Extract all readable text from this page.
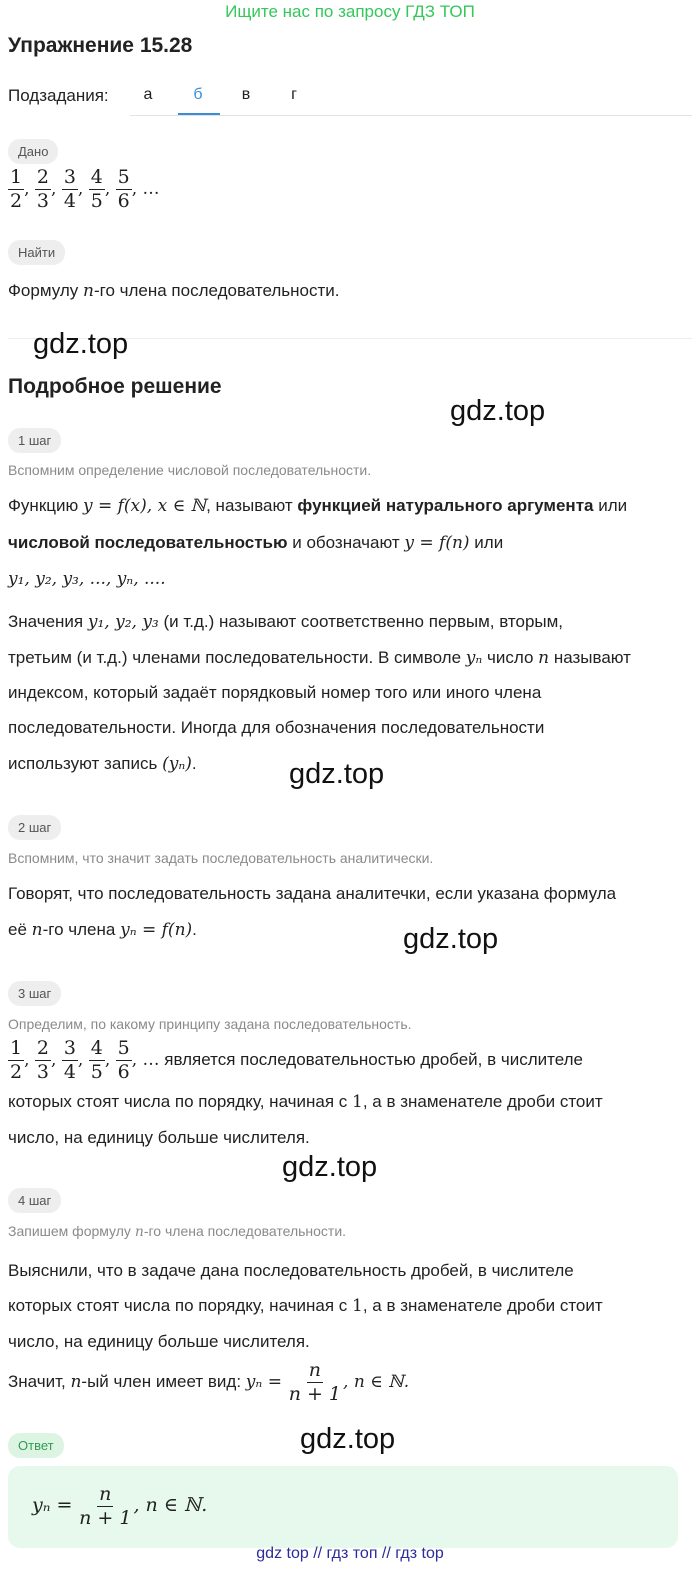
Ищите нас по запросу ГДЗ ТОП
Упражнение 15.28
Подзадания:	а	б	в	г
Дано
$\frac{1}{2}$ , $\frac{2}{3}$ , $\frac{3}{4}$ , $\frac{4}{5}$ , $\frac{5}{6}$ , …
Найти
Формулу n-го члена последовательности.
gdz.top
Подробное решение
gdz.top
1 шаг
Вспомним определение числовой последовательности.
Функцию y = f(x), x ∈ ℕ, называют функцией натурального аргумента или
числовой последовательностью и обозначают y = f(n) или
y₁, y₂, y₃, ..., yₙ, ....
Значения y₁, y₂, y₃ (и т.д.) называют соответственно первым, вторым,
третьим (и т.д.) членами последовательности. В символе yₙ число n называют
индексом, который задаёт порядковый номер того или иного члена
последовательности. Иногда для обозначения последовательности
используют запись (yₙ).	gdz.top
2 шаг
Вспомним, что значит задать последовательность аналитически.
Говорят, что последовательность задана аналитечки, если указана формула
её n-го члена yₙ = f(n).	gdz.top
3 шаг
Определим, по какому принципу задана последовательность.
$\frac{1}{2}$ , $\frac{2}{3}$ , $\frac{3}{4}$ , $\frac{4}{5}$ , $\frac{5}{6}$ , … является последовательностью дробей, в числителе
которых стоят числа по порядку, начиная с 1, а в знаменателе дроби стоит
число, на единицу больше числителя.
gdz.top
4 шаг
Запишем формулу n-го члена последовательности.
Выяснили, что в задаче дана последовательность дробей, в числителе
которых стоят числа по порядку, начиная с 1, а в знаменателе дроби стоит
число, на единицу больше числителя.
Значит, n-ый член имеет вид: $y_n = \frac{n}{n + 1}$ , n ∈ ℕ.
Ответ	gdz.top
$y_n = \frac{n}{n + 1}$ , n ∈ ℕ.
gdz top // гдз топ // гдз top
